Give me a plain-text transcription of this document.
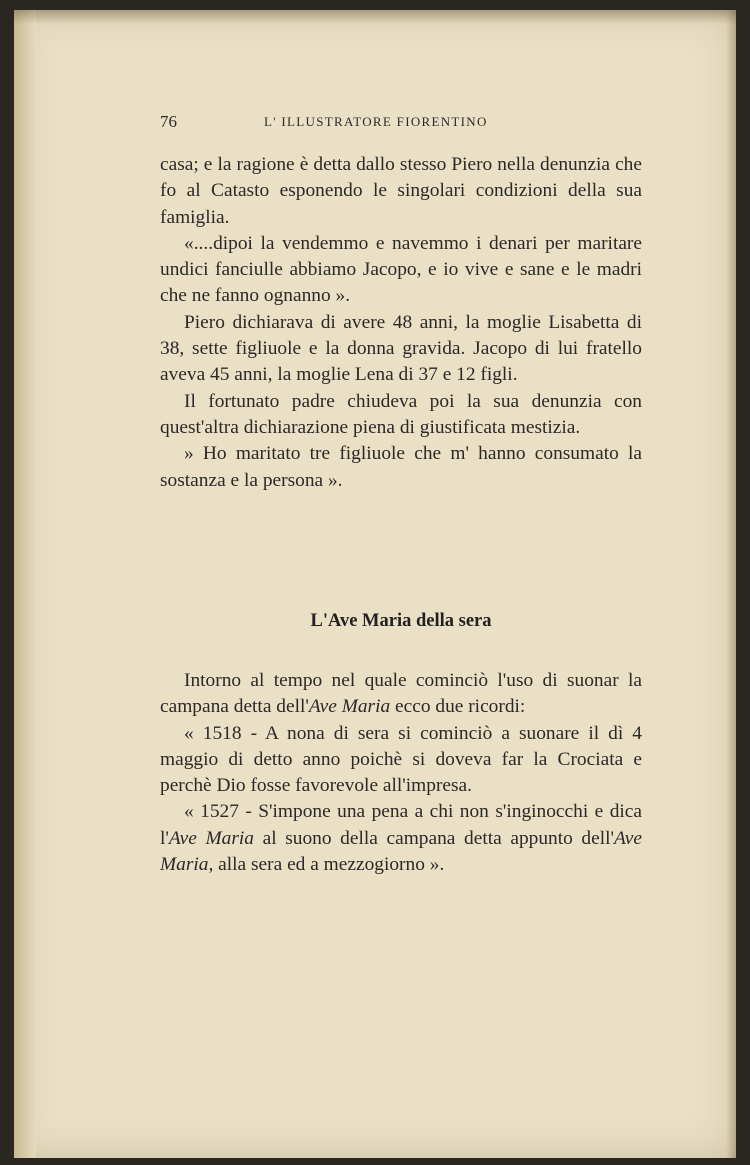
76	L' ILLUSTRATORE FIORENTINO

casa; e la ragione è detta dallo stesso Piero nella denunzia che fo al Catasto esponendo le singolari condizioni della sua famiglia.

«....dipoi la vendemmo e navemmo i denari per maritare undici fanciulle abbiamo Jacopo, e io vive e sane e le madri che ne fanno ognanno ».

Piero dichiarava di avere 48 anni, la moglie Lisabetta di 38, sette figliuole e la donna gravida. Jacopo di lui fratello aveva 45 anni, la moglie Lena di 37 e 12 figli.

Il fortunato padre chiudeva poi la sua denunzia con quest'altra dichiarazione piena di giustificata mestizia.

» Ho maritato tre figliuole che m' hanno consumato la sostanza e la persona ».

L'Ave Maria della sera

Intorno al tempo nel quale cominciò l'uso di suonar la campana detta dell'Ave Maria ecco due ricordi:

« 1518 - A nona di sera si cominciò a suonare il dì 4 maggio di detto anno poichè si doveva far la Crociata e perchè Dio fosse favorevole all'impresa.

« 1527 - S'impone una pena a chi non s'inginocchi e dica l'Ave Maria al suono della campana detta appunto dell'Ave Maria, alla sera ed a mezzogiorno ».
